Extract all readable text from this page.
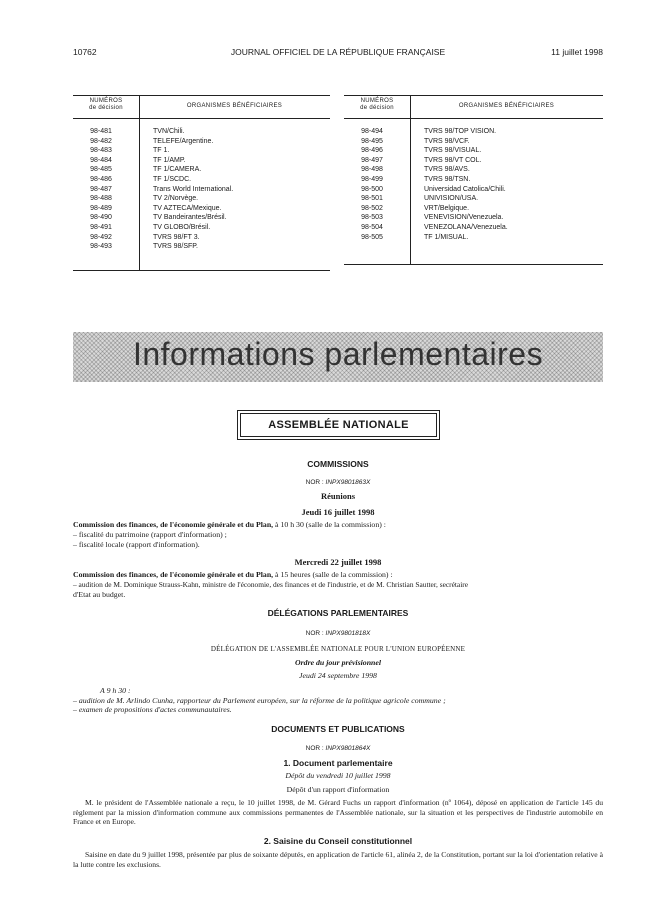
10762	JOURNAL OFFICIEL DE LA RÉPUBLIQUE FRANÇAISE	11 juillet 1998
NUMÉROS
de décision	ORGANISMES BÉNÉFICIAIRES
98-481	TVN/Chili.
98-482	TELEFE/Argentine.
98-483	TF 1.
98-484	TF 1/AMP.
98-485	TF 1/CAMERA.
98-486	TF 1/SCDC.
98-487	Trans World International.
98-488	TV 2/Norvège.
98-489	TV AZTECA/Mexique.
98-490	TV Bandeirantes/Brésil.
98-491	TV GLOBO/Brésil.
98-492	TVRS 98/FT 3.
98-493	TVRS 98/SFP.
NUMÉROS
de décision	ORGANISMES BÉNÉFICIAIRES
98-494	TVRS 98/TOP VISION.
98-495	TVRS 98/VCF.
98-496	TVRS 98/VISUAL.
98-497	TVRS 98/VT COL.
98-498	TVRS 98/AVS.
98-499	TVRS 98/TSN.
98-500	Universidad Catolica/Chili.
98-501	UNIVISION/USA.
98-502	VRT/Belgique.
98-503	VENEVISION/Venezuela.
98-504	VENEZOLANA/Venezuela.
98-505	TF 1/MISUAL.
Informations parlementaires
ASSEMBLÉE NATIONALE
COMMISSIONS
NOR : INPX9801863X
Réunions
Jeudi 16 juillet 1998
Commission des finances, de l'économie générale et du Plan, à 10 h 30 (salle de la commission) :
– fiscalité du patrimoine (rapport d'information) ;
– fiscalité locale (rapport d'information).
Mercredi 22 juillet 1998
Commission des finances, de l'économie générale et du Plan, à 15 heures (salle de la commission) :
– audition de M. Dominique Strauss-Kahn, ministre de l'économie, des finances et de l'industrie, et de M. Christian Sautter, secrétaire
d'Etat au budget.
DÉLÉGATIONS PARLEMENTAIRES
NOR : INPX9801818X
DÉLÉGATION DE L'ASSEMBLÉE NATIONALE POUR L'UNION EUROPÉENNE
Ordre du jour prévisionnel
Jeudi 24 septembre 1998
A 9 h 30 :
– audition de M. Arlindo Cunha, rapporteur du Parlement européen, sur la réforme de la politique agricole commune ;
– examen de propositions d'actes communautaires.
DOCUMENTS ET PUBLICATIONS
NOR : INPX9801864X
1. Document parlementaire
Dépôt du vendredi 10 juillet 1998
Dépôt d'un rapport d'information
M. le président de l'Assemblée nationale a reçu, le 10 juillet 1998, de M. Gérard Fuchs un rapport d'information (nº 1064), déposé en application de l'article 145 du règlement par la mission d'information commune aux commissions permanentes de l'Assemblée nationale, sur la situation et les perspectives de l'industrie automobile en France et en Europe.
2. Saisine du Conseil constitutionnel
Saisine en date du 9 juillet 1998, présentée par plus de soixante députés, en application de l'article 61, alinéa 2, de la Constitution, portant sur la loi d'orientation relative à la lutte contre les exclusions.
